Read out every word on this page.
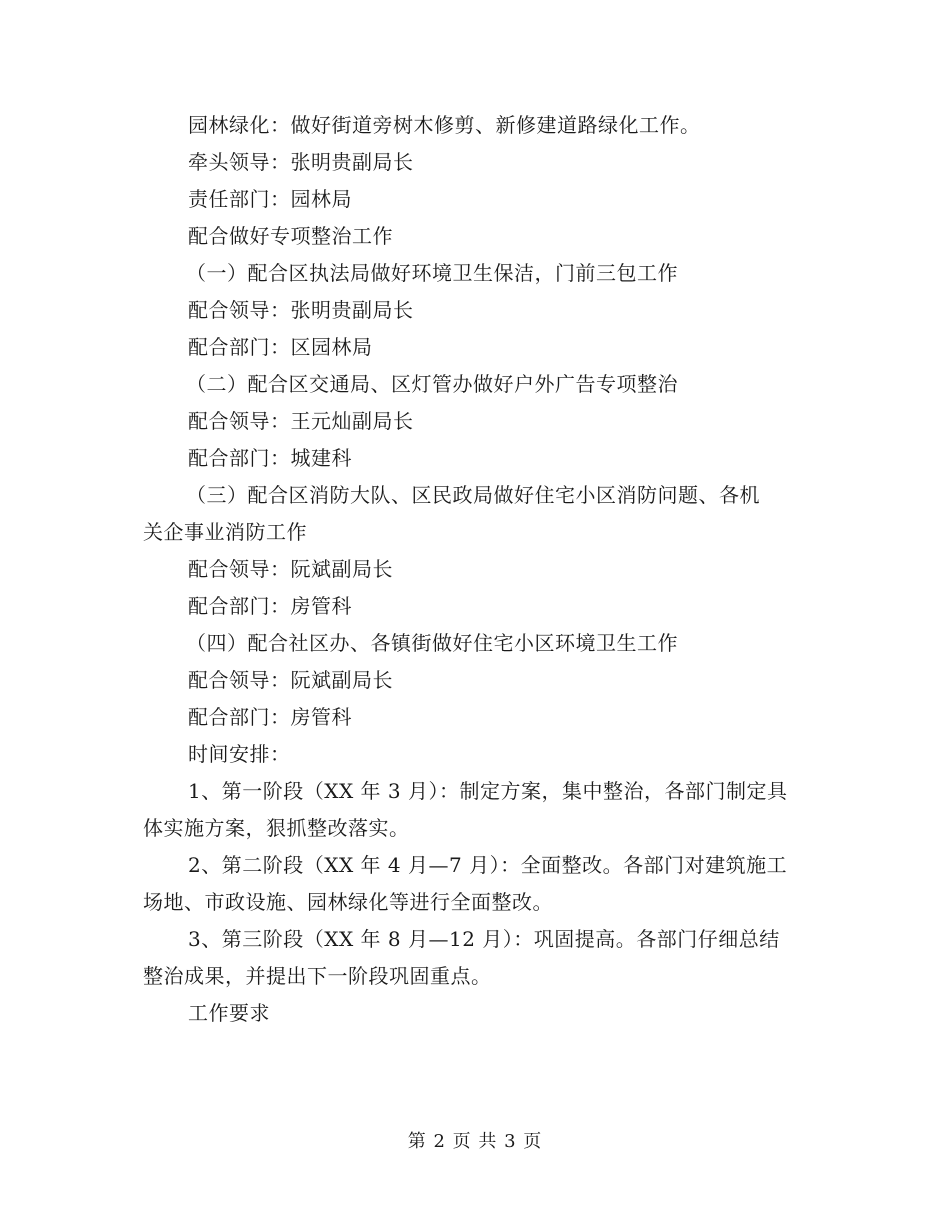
园林绿化：做好街道旁树木修剪、新修建道路绿化工作。
牵头领导：张明贵副局长
责任部门：园林局
配合做好专项整治工作
（一）配合区执法局做好环境卫生保洁，门前三包工作
配合领导：张明贵副局长
配合部门：区园林局
（二）配合区交通局、区灯管办做好户外广告专项整治
配合领导：王元灿副局长
配合部门：城建科
（三）配合区消防大队、区民政局做好住宅小区消防问题、各机
关企事业消防工作
配合领导：阮斌副局长
配合部门：房管科
（四）配合社区办、各镇街做好住宅小区环境卫生工作
配合领导：阮斌副局长
配合部门：房管科
时间安排：
1、第一阶段（XX 年 3 月）：制定方案，集中整治，各部门制定具
体实施方案，狠抓整改落实。
2、第二阶段（XX 年 4 月—7 月）：全面整改。各部门对建筑施工
场地、市政设施、园林绿化等进行全面整改。
3、第三阶段（XX 年 8 月—12 月）：巩固提高。各部门仔细总结
整治成果，并提出下一阶段巩固重点。
工作要求
第 2 页 共 3 页
